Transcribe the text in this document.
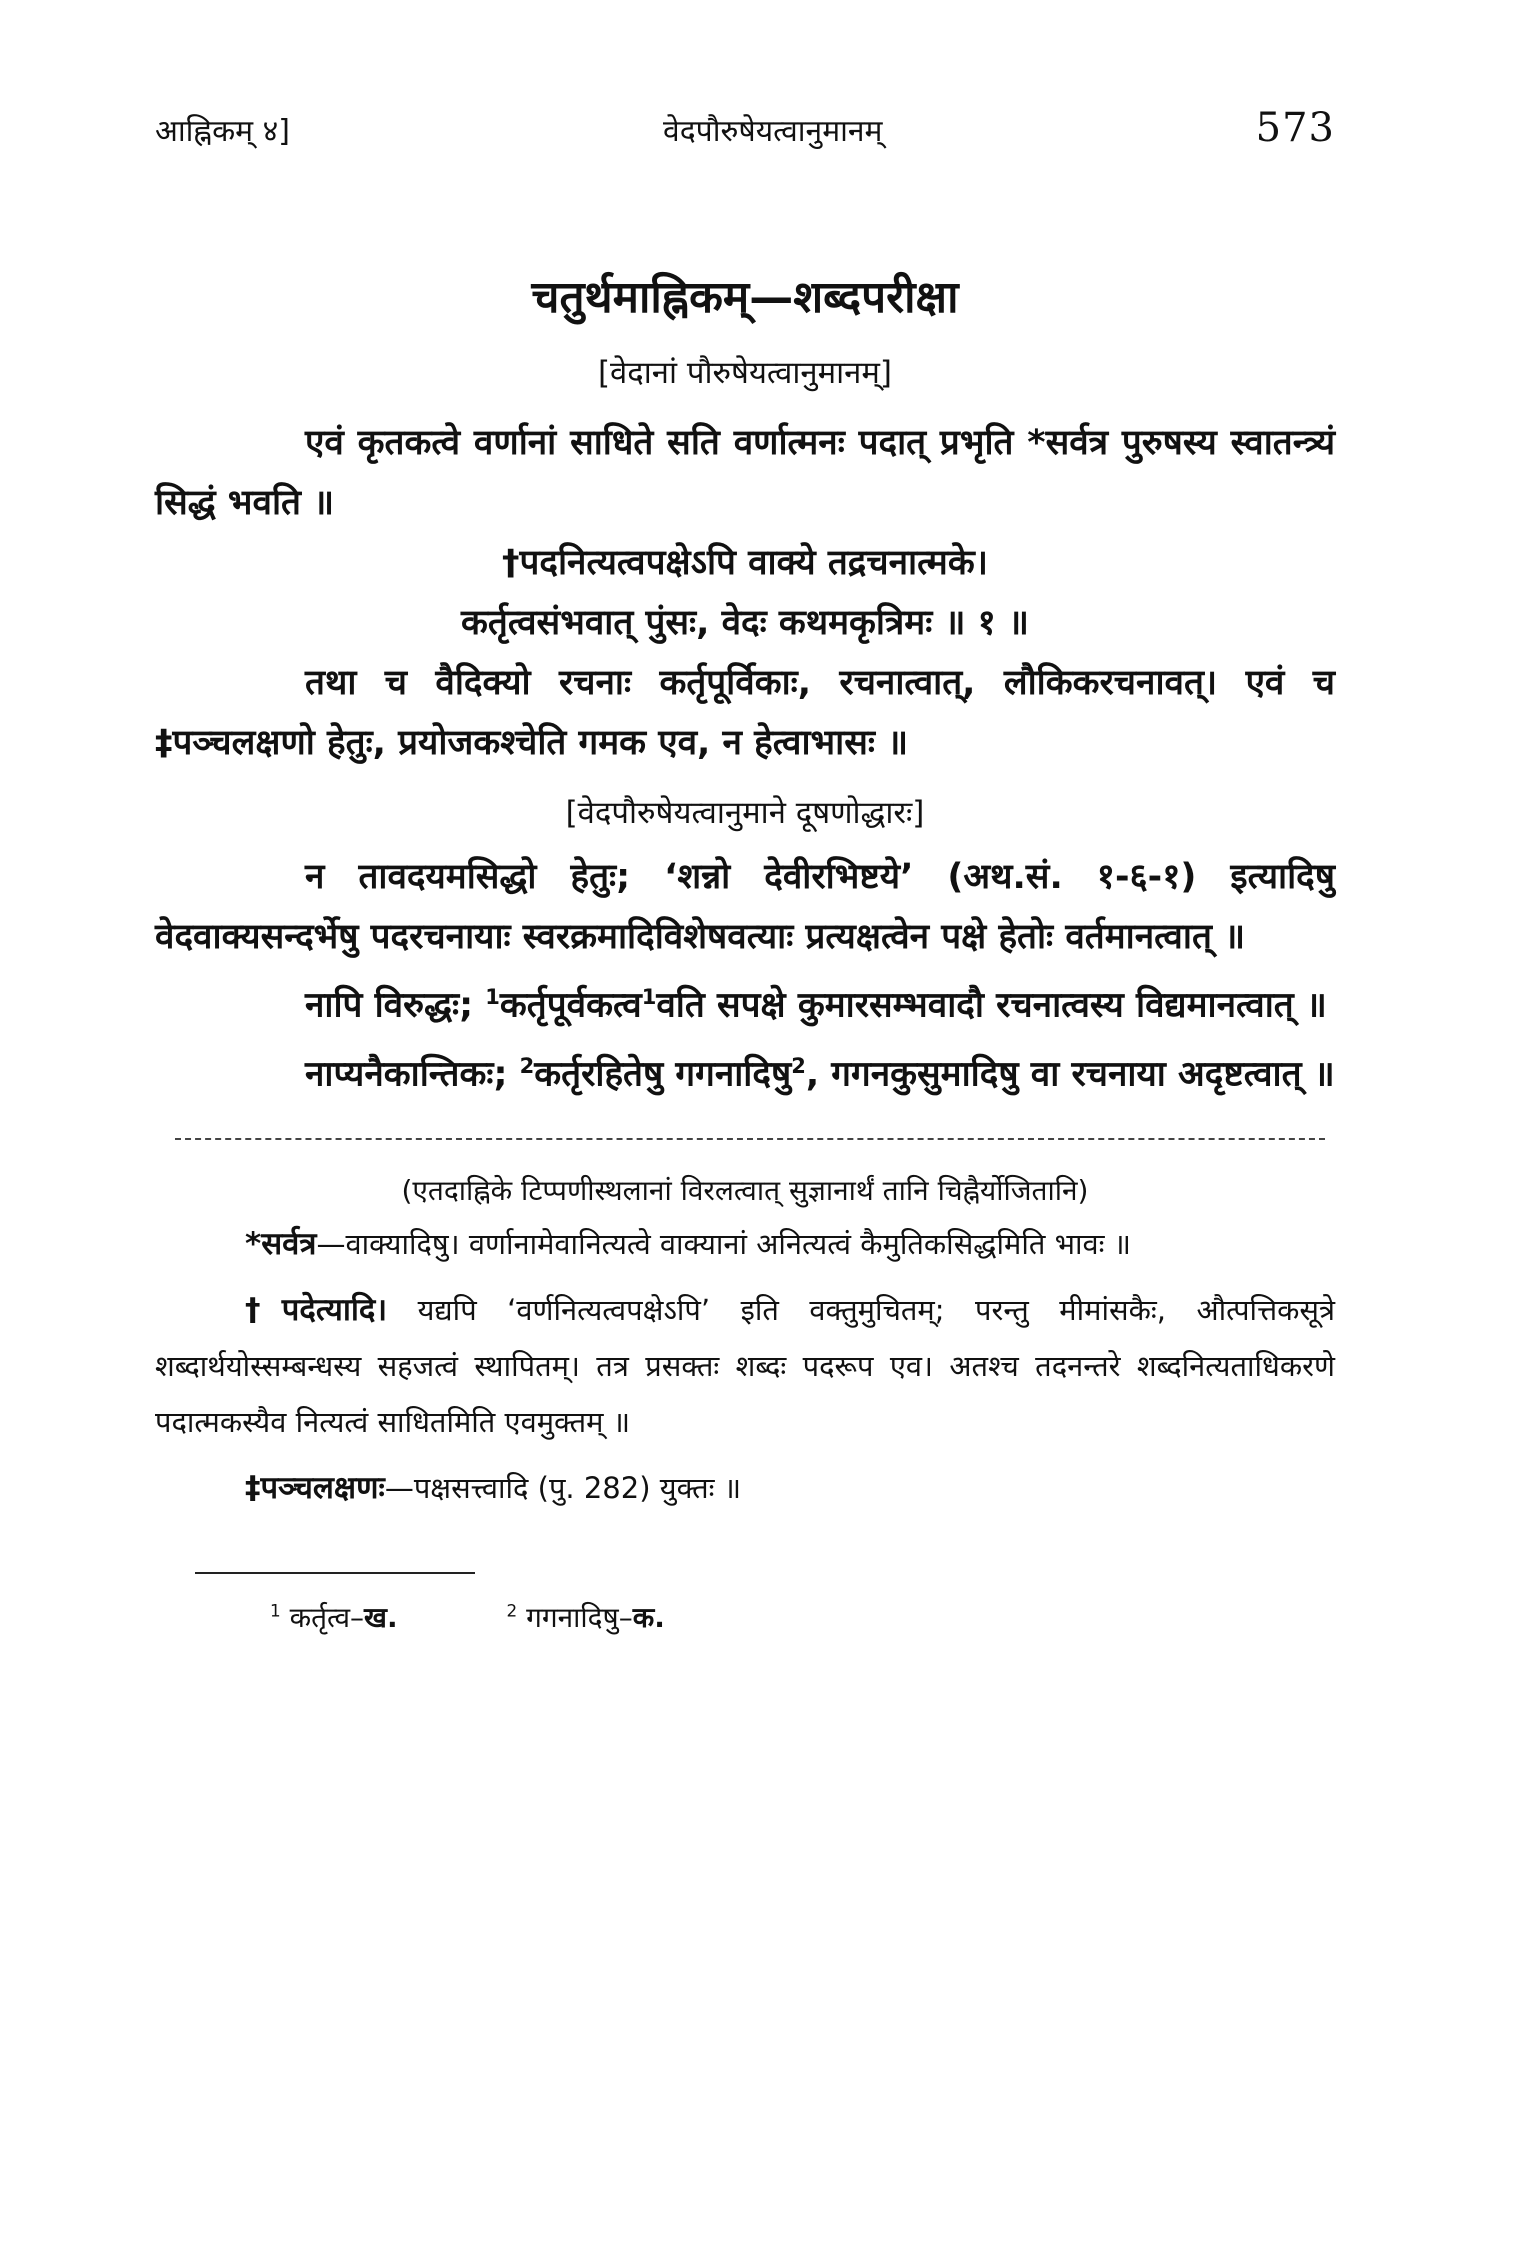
आह्निकम् ४]	वेदपौरुषेयत्वानुमानम्	573
चतुर्थमाह्निकम्—शब्दपरीक्षा
[वेदानां पौरुषेयत्वानुमानम्]

एवं कृतकत्वे वर्णानां साधिते सति वर्णात्मनः पदात् प्रभृति *सर्वत्र पुरुषस्य स्वातन्त्र्यं सिद्धं भवति ॥

†पदनित्यत्वपक्षेऽपि वाक्ये तद्रचनात्मके।
कर्तृत्वसंभवात् पुंसः, वेदः कथमकृत्रिमः ॥ १ ॥

तथा च वैदिक्यो रचनाः कर्तृपूर्विकाः, रचनात्वात्, लौकिकरचनावत्। एवं च ‡पञ्चलक्षणो हेतुः, प्रयोजकश्चेति गमक एव, न हेत्वाभासः ॥

[वेदपौरुषेयत्वानुमाने दूषणोद्धारः]

न तावदयमसिद्धो हेतुः; ‘शन्नो देवीरभिष्टये’ (अथ.सं. १-६-१) इत्यादिषु वेदवाक्यसन्दर्भेषु पदरचनायाः स्वरक्रमादिविशेषवत्याः प्रत्यक्षत्वेन पक्षे हेतोः वर्तमानत्वात् ॥

नापि विरुद्धः; $^1$कर्तृपूर्वकत्व$^1$वति सपक्षे कुमारसम्भवादौ रचनात्वस्य विद्यमानत्वात् ॥

नाप्यनैकान्तिकः; $^2$कर्तृरहितेषु गगनादिषु$^2$, गगनकुसुमादिषु वा रचनाया अदृष्टत्वात् ॥

(एतदाह्निके टिप्पणीस्थलानां विरलत्वात् सुज्ञानार्थं तानि चिह्नैर्योजितानि)

*सर्वत्र—वाक्यादिषु। वर्णानामेवानित्यत्वे वाक्यानां अनित्यत्वं कैमुतिकसिद्धमिति भावः ॥

†पदेत्यादि। यद्यपि ‘वर्णनित्यत्वपक्षेऽपि’ इति वक्तुमुचितम्; परन्तु मीमांसकैः, औत्पत्तिकसूत्रे शब्दार्थयोस्सम्बन्धस्य सहजत्वं स्थापितम्। तत्र प्रसक्तः शब्दः पदरूप एव। अतश्च तदनन्तरे शब्दनित्यताधिकरणे पदात्मकस्यैव नित्यत्वं साधितमिति एवमुक्तम् ॥

‡पञ्चलक्षणः—पक्षसत्त्वादि (पु. 282) युक्तः ॥

$^1$ कर्तृत्व–ख.	$^2$ गगनादिषु–क.
